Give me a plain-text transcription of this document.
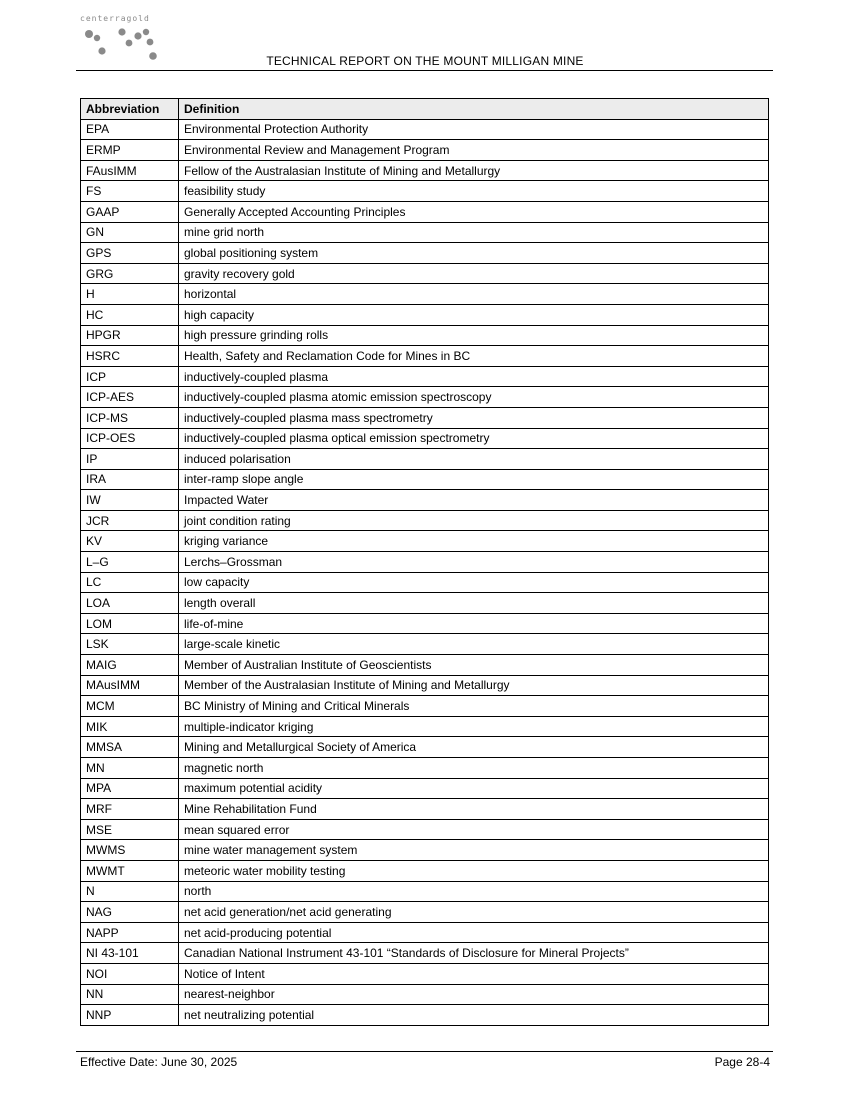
centerragold
TECHNICAL REPORT ON THE MOUNT MILLIGAN MINE
Abbreviation	Definition
EPA	Environmental Protection Authority
ERMP	Environmental Review and Management Program
FAusIMM	Fellow of the Australasian Institute of Mining and Metallurgy
FS	feasibility study
GAAP	Generally Accepted Accounting Principles
GN	mine grid north
GPS	global positioning system
GRG	gravity recovery gold
H	horizontal
HC	high capacity
HPGR	high pressure grinding rolls
HSRC	Health, Safety and Reclamation Code for Mines in BC
ICP	inductively-coupled plasma
ICP-AES	inductively-coupled plasma atomic emission spectroscopy
ICP-MS	inductively-coupled plasma mass spectrometry
ICP-OES	inductively-coupled plasma optical emission spectrometry
IP	induced polarisation
IRA	inter-ramp slope angle
IW	Impacted Water
JCR	joint condition rating
KV	kriging variance
L–G	Lerchs–Grossman
LC	low capacity
LOA	length overall
LOM	life-of-mine
LSK	large-scale kinetic
MAIG	Member of Australian Institute of Geoscientists
MAusIMM	Member of the Australasian Institute of Mining and Metallurgy
MCM	BC Ministry of Mining and Critical Minerals
MIK	multiple-indicator kriging
MMSA	Mining and Metallurgical Society of America
MN	magnetic north
MPA	maximum potential acidity
MRF	Mine Rehabilitation Fund
MSE	mean squared error
MWMS	mine water management system
MWMT	meteoric water mobility testing
N	north
NAG	net acid generation/net acid generating
NAPP	net acid-producing potential
NI 43-101	Canadian National Instrument 43-101 “Standards of Disclosure for Mineral Projects”
NOI	Notice of Intent
NN	nearest-neighbor
NNP	net neutralizing potential
Effective Date: June 30, 2025	Page 28-4
